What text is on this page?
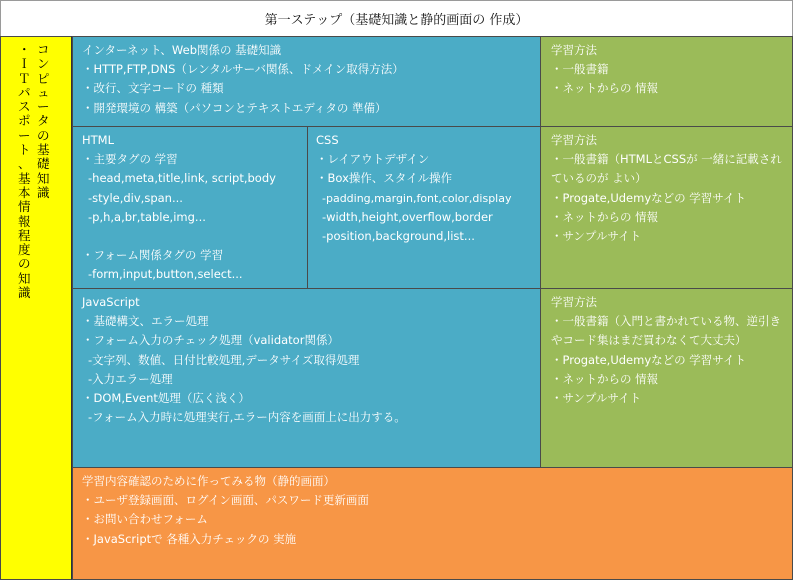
第一ステップ（基礎知識と静的画面の 作成）
コ
ン
ピ
ュ
ー
タ
の
基
礎
知
識
・
Ｉ
Ｔ
パ
ス
ポ
ー
ト
、
基
本
情
報
程
度
の
知
識
インターネット、Web関係の 基礎知識
・HTTP,FTP,DNS（レンタルサーバ関係、ドメイン取得方法）
・改行、文字コードの 種類
・開発環境の 構築（パソコンとテキストエディタの 準備）
学習方法
・一般書籍
・ネットからの 情報
HTML
・主要タグの 学習
-head,meta,title,link, script,body
-style,div,span...
-p,h,a,br,table,img...
・フォーム関係タグの 学習
-form,input,button,select...
CSS
・レイアウトデザイン
・Box操作、スタイル操作
-padding,margin,font,color,display
-width,height,overflow,border
-position,background,list...
学習方法
・一般書籍（HTMLとCSSが 一緒に記載されているのが よい）
・Progate,Udemyなどの 学習サイト
・ネットからの 情報
・サンプルサイト
JavaScript
・基礎構文、エラー処理
・フォーム入力のチェック処理（validator関係）
-文字列、数値、日付比較処理,データサイズ取得処理
-入力エラー処理
・DOM,Event処理（広く浅く）
-フォーム入力時に処理実行,エラー内容を画面上に出力する。
学習方法
・一般書籍（入門と書かれている物、逆引きやコード集はまだ買わなくて大丈夫）
・Progate,Udemyなどの 学習サイト
・ネットからの 情報
・サンプルサイト
学習内容確認のために作ってみる物（静的画面）
・ユーザ登録画面、ログイン画面、パスワード更新画面
・お問い合わせフォーム
・JavaScriptで 各種入力チェックの 実施
